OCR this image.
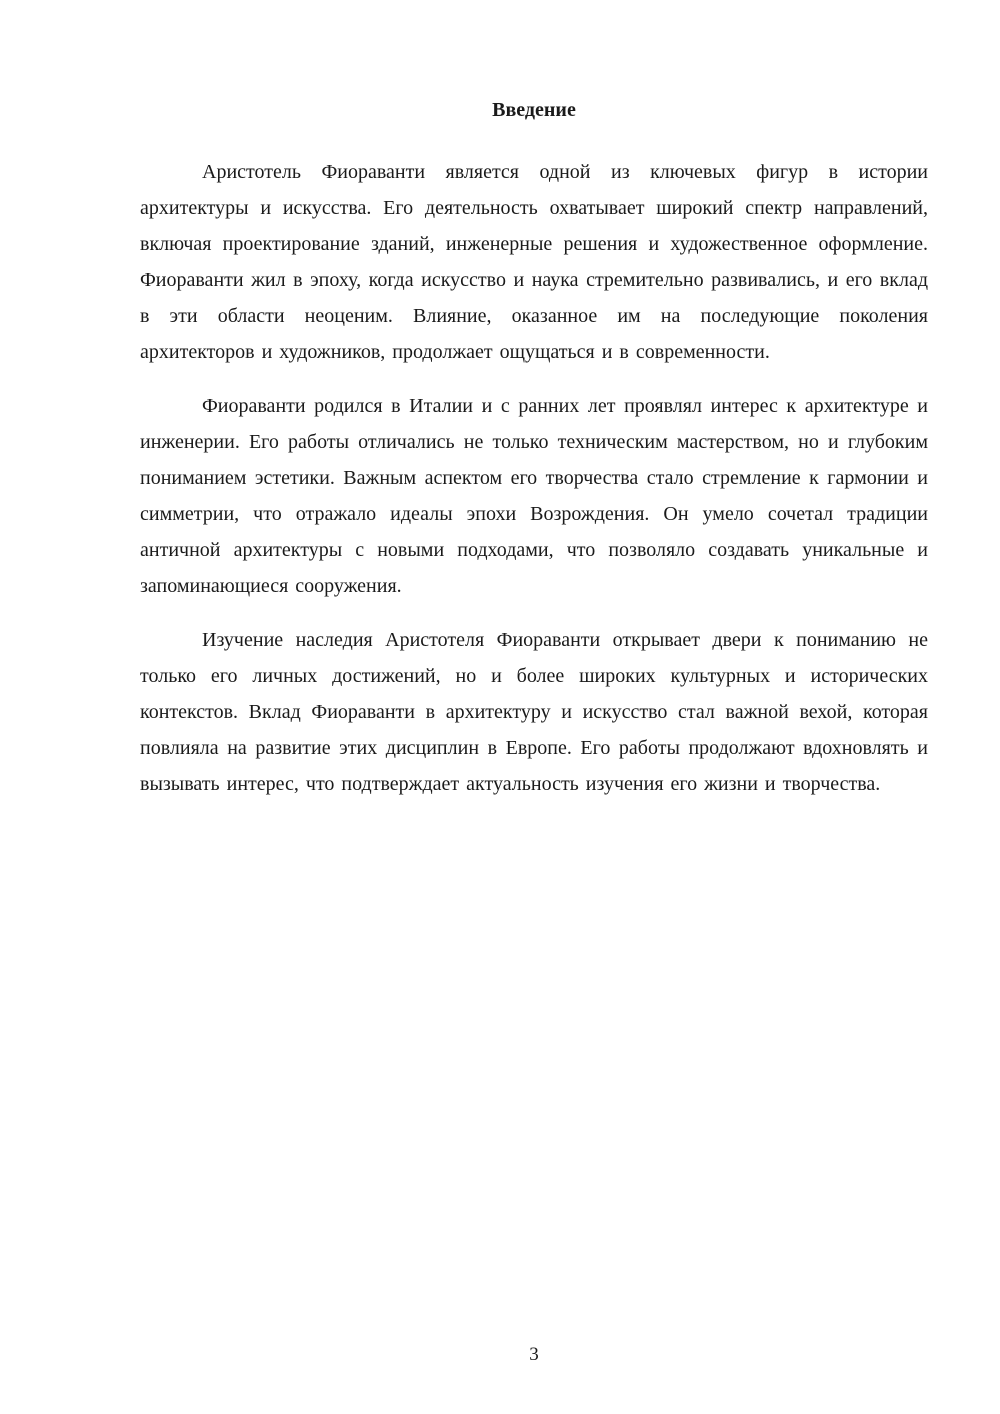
Введение

Аристотель Фиораванти является одной из ключевых фигур в истории архитектуры и искусства. Его деятельность охватывает широкий спектр направлений, включая проектирование зданий, инженерные решения и художественное оформление. Фиораванти жил в эпоху, когда искусство и наука стремительно развивались, и его вклад в эти области неоценим. Влияние, оказанное им на последующие поколения архитекторов и художников, продолжает ощущаться и в современности.

Фиораванти родился в Италии и с ранних лет проявлял интерес к архитектуре и инженерии. Его работы отличались не только техническим мастерством, но и глубоким пониманием эстетики. Важным аспектом его творчества стало стремление к гармонии и симметрии, что отражало идеалы эпохи Возрождения. Он умело сочетал традиции античной архитектуры с новыми подходами, что позволяло создавать уникальные и запоминающиеся сооружения.

Изучение наследия Аристотеля Фиораванти открывает двери к пониманию не только его личных достижений, но и более широких культурных и исторических контекстов. Вклад Фиораванти в архитектуру и искусство стал важной вехой, которая повлияла на развитие этих дисциплин в Европе. Его работы продолжают вдохновлять и вызывать интерес, что подтверждает актуальность изучения его жизни и творчества.

3
